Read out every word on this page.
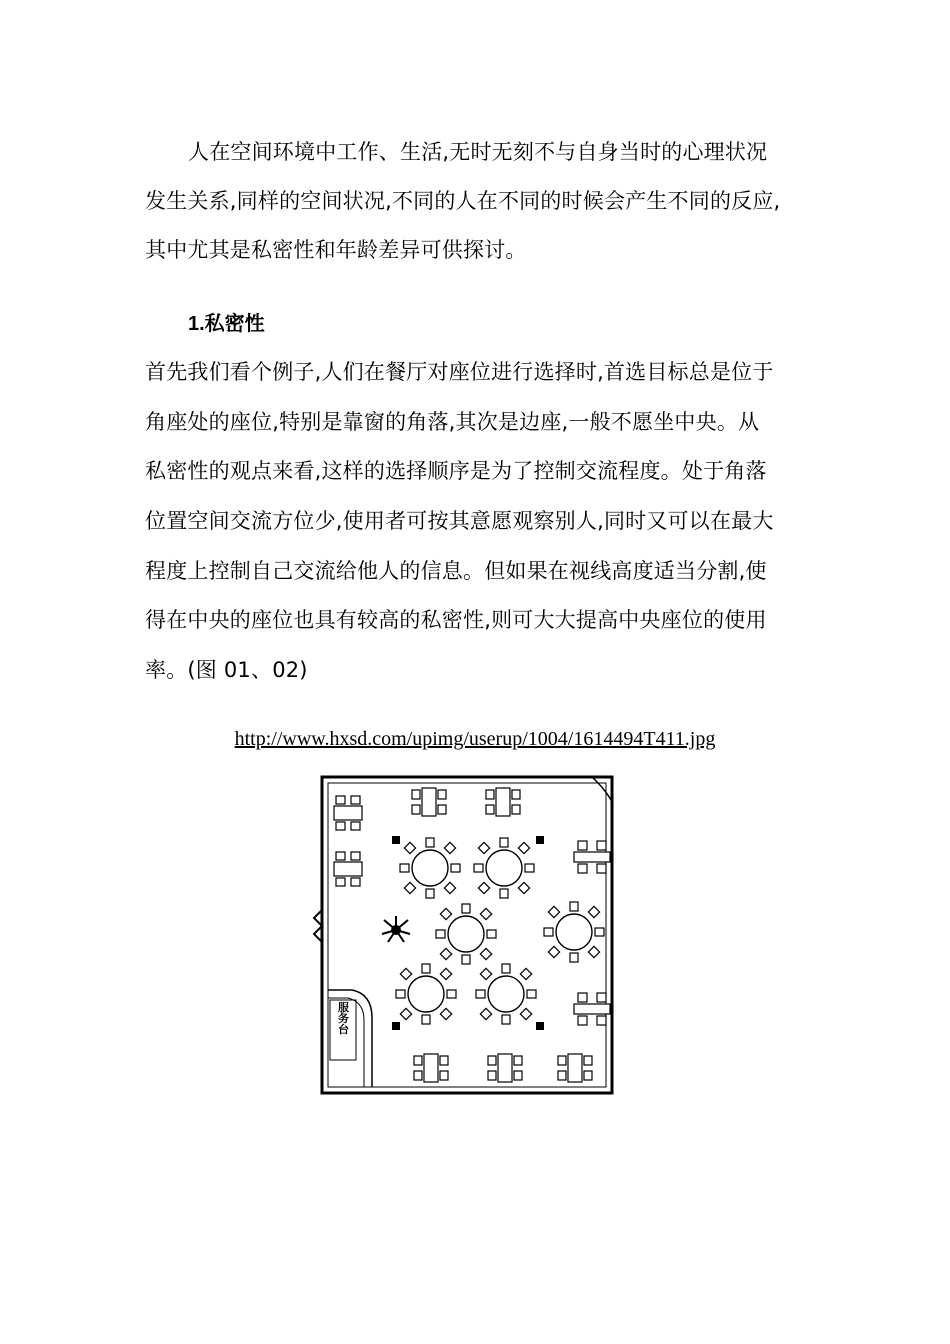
人在空间环境中工作、生活,无时无刻不与自身当时的心理状况
发生关系,同样的空间状况,不同的人在不同的时候会产生不同的反应,
其中尤其是私密性和年龄差异可供探讨。
1.私密性
首先我们看个例子,人们在餐厅对座位进行选择时,首选目标总是位于
角座处的座位,特别是靠窗的角落,其次是边座,一般不愿坐中央。从
私密性的观点来看,这样的选择顺序是为了控制交流程度。处于角落
位置空间交流方位少,使用者可按其意愿观察别人,同时又可以在最大
程度上控制自己交流给他人的信息。但如果在视线高度适当分割,使
得在中央的座位也具有较高的私密性,则可大大提高中央座位的使用
率。(图 01、02)
http://www.hxsd.com/upimg/userup/1004/1614494T411.jpg
服务台
